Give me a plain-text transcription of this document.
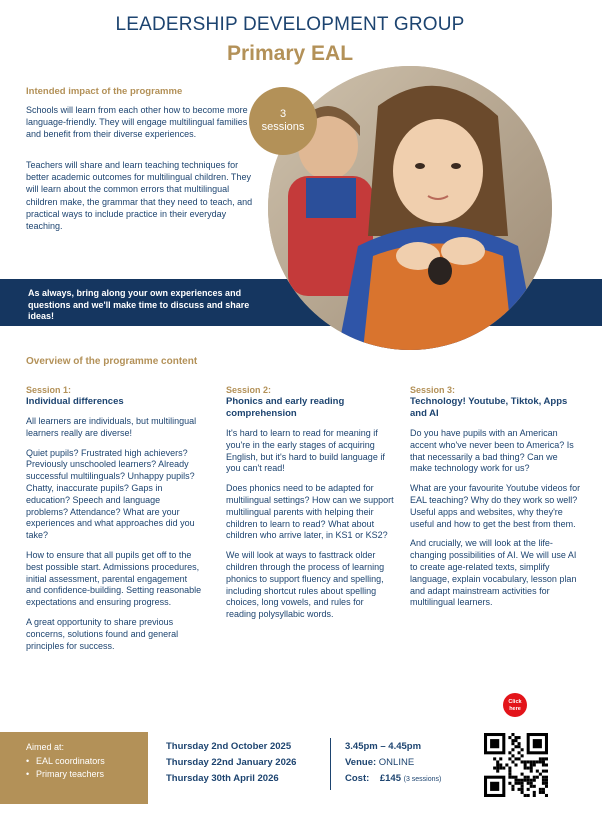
LEADERSHIP DEVELOPMENT GROUP
Primary EAL
Intended impact of the programme
Schools will learn from each other how to become more language-friendly. They will engage multilingual families and benefit from their diverse experiences.
Teachers will share and learn teaching techniques for better academic outcomes for multilingual children. They will learn about the common errors that multilingual children make, the grammar that they need to teach, and practical ways to include practice in their everyday teaching.
As always, bring along your own experiences and questions and we'll make time to discuss and share ideas!
3
sessions
Overview of the programme content
Session 1:
Individual differences

All learners are individuals, but multilingual learners really are diverse!

Quiet pupils? Frustrated high achievers? Previously unschooled learners? Already successful multilinguals? Unhappy pupils? Chatty, inaccurate pupils? Gaps in education? Speech and language problems? Attendance? What are your experiences and what approaches did you take?

How to ensure that all pupils get off to the best possible start. Admissions procedures, initial assessment, parental engagement and confidence-building. Setting reasonable expectations and ensuring progress.

A great opportunity to share previous concerns, solutions found and general principles for success.

Session 2:
Phonics and early reading comprehension

It's hard to learn to read for meaning if you're in the early stages of acquiring English, but it's hard to build language if you can't read!

Does phonics need to be adapted for multilingual settings? How can we support multilingual parents with helping their children to learn to read? What about children who arrive later, in KS1 or KS2?

We will look at ways to fasttrack older children through the process of learning phonics to support fluency and spelling, including shortcut rules about spelling choices, long vowels, and rules for reading polysyllabic words.

Session 3:
Technology! Youtube, Tiktok, Apps and AI

Do you have pupils with an American accent who've never been to America? Is that necessarily a bad thing? Can we make technology work for us?

What are your favourite Youtube videos for EAL teaching? Why do they work so well? Useful apps and websites, why they're useful and how to get the best from them.

And crucially, we will look at the life-changing possibilities of AI. We will use AI to create age-related texts, simplify language, explain vocabulary, lesson plan and adapt mainstream activities for multilingual learners.

Click
here
Aimed at:
• EAL coordinators
• Primary teachers
Thursday 2nd October 2025
Thursday 22nd January 2026
Thursday 30th April 2026
3.45pm – 4.45pm
Venue: ONLINE
Cost: £145 (3 sessions)
